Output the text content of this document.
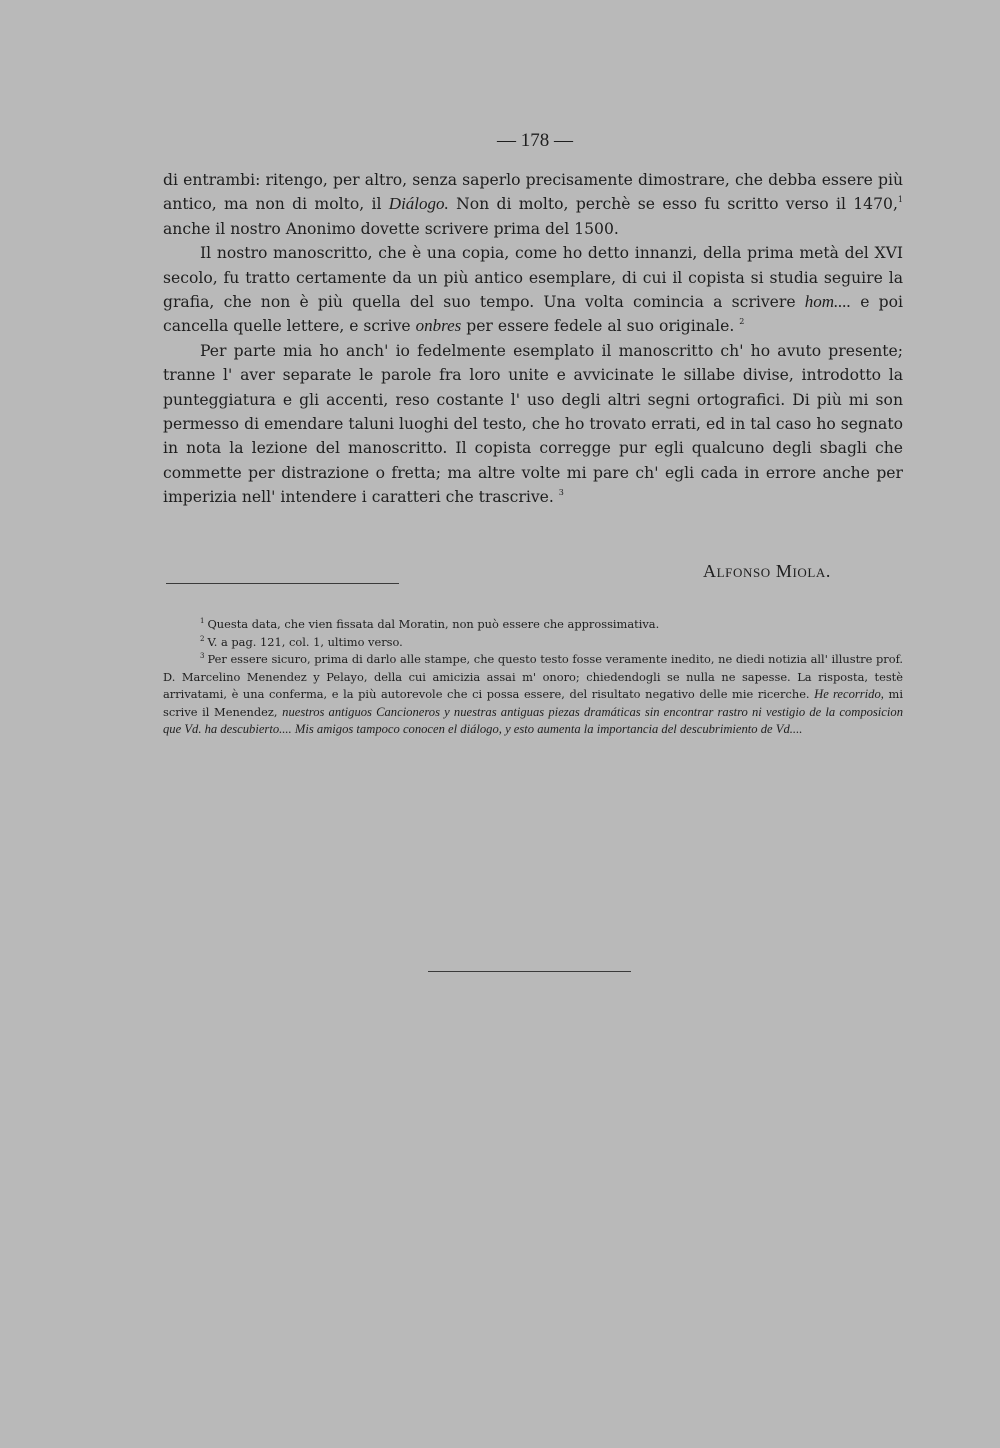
— 178 —

di entrambi: ritengo, per altro, senza saperlo precisamente dimostrare, che debba essere più antico, ma non di molto, il Diálogo. Non di molto, perchè se esso fu scritto verso il 1470,$^1$ anche il nostro Anonimo dovette scrivere prima del 1500.

Il nostro manoscritto, che è una copia, come ho detto innanzi, della prima metà del XVI secolo, fu tratto certamente da un più antico esemplare, di cui il copista si studia seguire la grafia, che non è più quella del suo tempo. Una volta comincia a scrivere hom.... e poi cancella quelle lettere, e scrive onbres per essere fedele al suo originale. $^2$

Per parte mia ho anch' io fedelmente esemplato il manoscritto ch' ho avuto presente; tranne l' aver separate le parole fra loro unite e avvicinate le sillabe divise, introdotto la punteggiatura e gli accenti, reso costante l' uso degli altri segni ortografici. Di più mi son permesso di emendare taluni luoghi del testo, che ho trovato errati, ed in tal caso ho segnato in nota la lezione del manoscritto. Il copista corregge pur egli qualcuno degli sbagli che commette per distrazione o fretta; ma altre volte mi pare ch' egli cada in errore anche per imperizia nell' intendere i caratteri che trascrive. $^3$

Alfonso Miola.

$^1$ Questa data, che vien fissata dal Moratin, non può essere che approssimativa.

$^2$ V. a pag. 121, col. 1, ultimo verso.

$^3$ Per essere sicuro, prima di darlo alle stampe, che questo testo fosse veramente inedito, ne diedi notizia all' illustre prof. D. Marcelino Menendez y Pelayo, della cui amicizia assai m' onoro; chiedendogli se nulla ne sapesse. La risposta, testè arrivatami, è una conferma, e la più autorevole che ci possa essere, del risultato negativo delle mie ricerche. He recorrido, mi scrive il Menendez, nuestros antiguos Cancioneros y nuestras antiguas piezas dramáticas sin encontrar rastro ni vestigio de la composicion que Vd. ha descubierto.... Mis amigos tampoco conocen el diálogo, y esto aumenta la importancia del descubrimiento de Vd....
